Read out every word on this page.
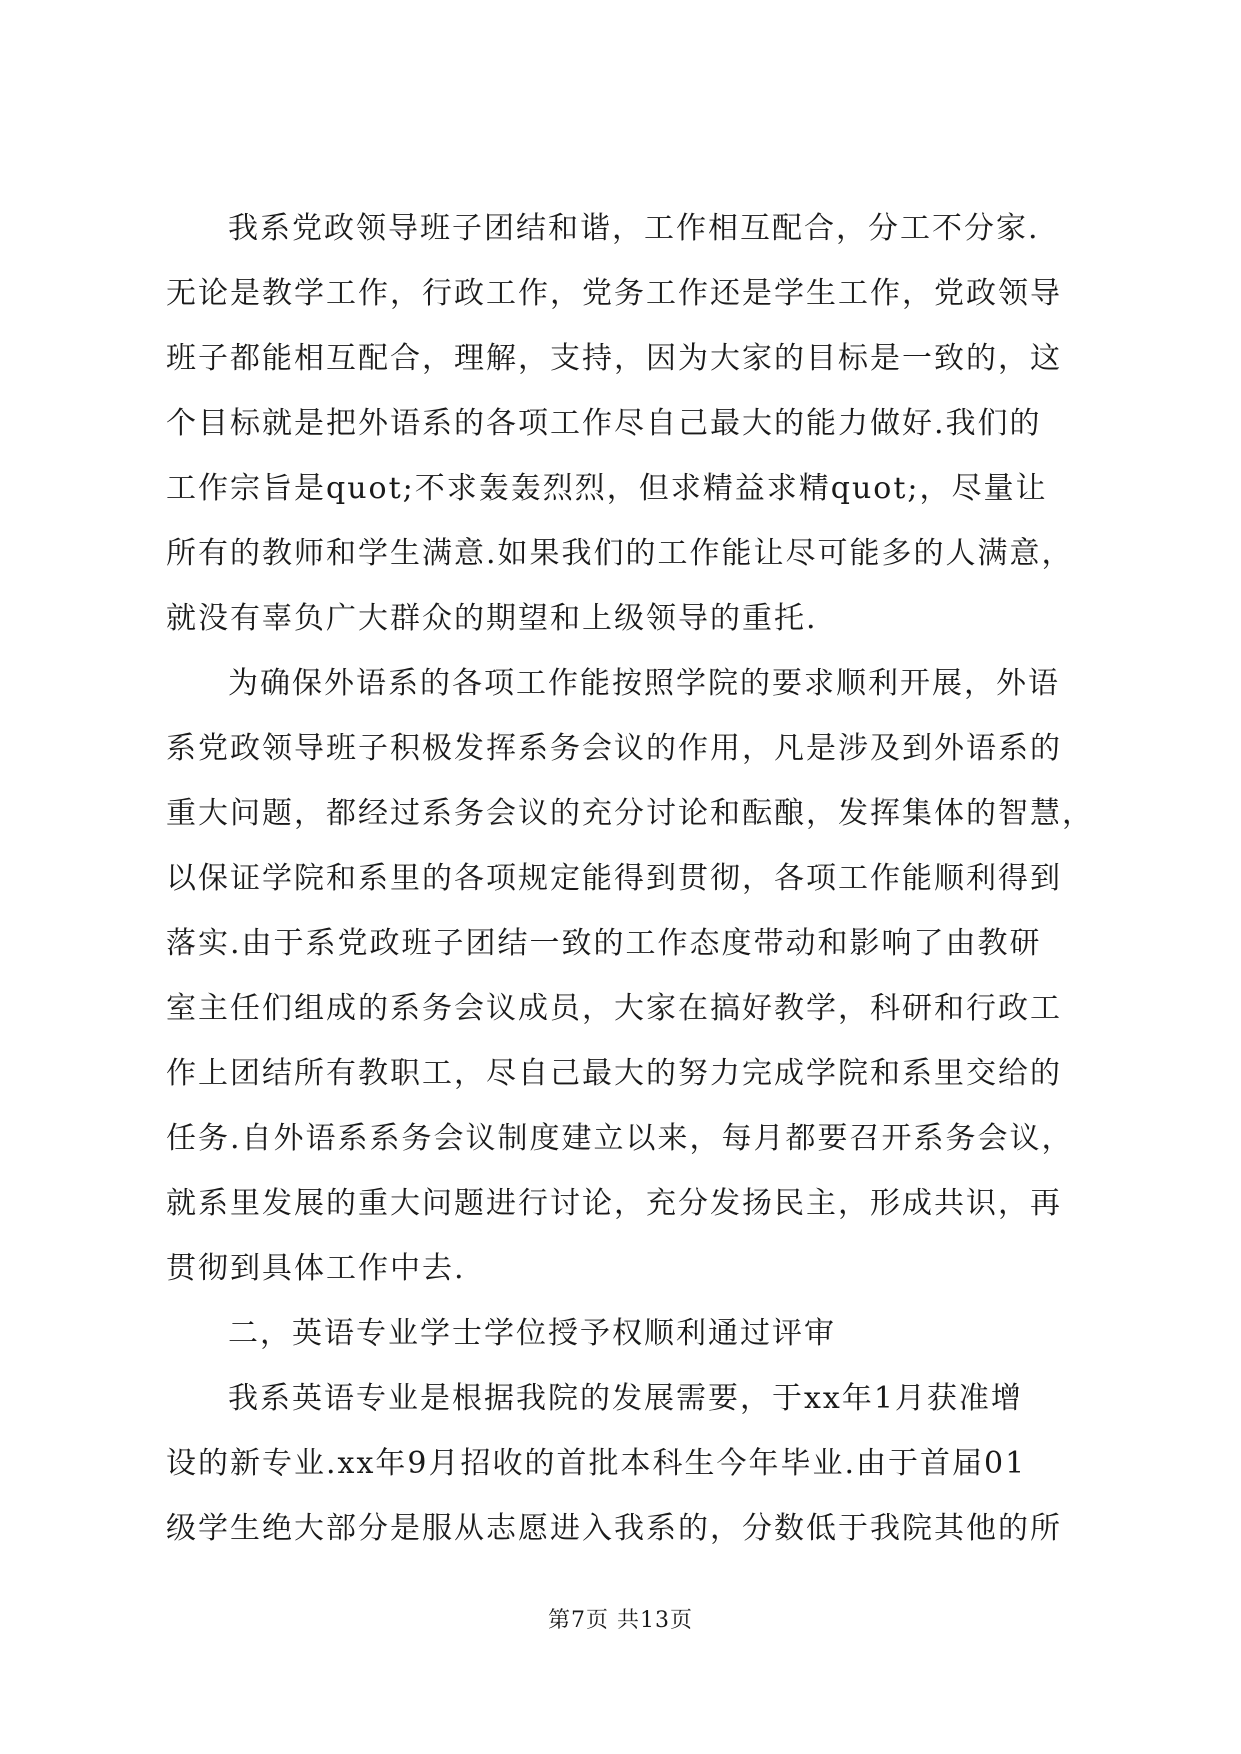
我系党政领导班子团结和谐，工作相互配合，分工不分家.
无论是教学工作，行政工作，党务工作还是学生工作，党政领导
班子都能相互配合，理解，支持，因为大家的目标是一致的，这
个目标就是把外语系的各项工作尽自己最大的能力做好.我们的
工作宗旨是quot;不求轰轰烈烈，但求精益求精quot;，尽量让
所有的教师和学生满意.如果我们的工作能让尽可能多的人满意，
就没有辜负广大群众的期望和上级领导的重托.
为确保外语系的各项工作能按照学院的要求顺利开展，外语
系党政领导班子积极发挥系务会议的作用，凡是涉及到外语系的
重大问题，都经过系务会议的充分讨论和酝酿，发挥集体的智慧，
以保证学院和系里的各项规定能得到贯彻，各项工作能顺利得到
落实.由于系党政班子团结一致的工作态度带动和影响了由教研
室主任们组成的系务会议成员，大家在搞好教学，科研和行政工
作上团结所有教职工，尽自己最大的努力完成学院和系里交给的
任务.自外语系系务会议制度建立以来，每月都要召开系务会议，
就系里发展的重大问题进行讨论，充分发扬民主，形成共识，再
贯彻到具体工作中去.
二，英语专业学士学位授予权顺利通过评审
我系英语专业是根据我院的发展需要，于xx年1月获准增
设的新专业.xx年9月招收的首批本科生今年毕业.由于首届01
级学生绝大部分是服从志愿进入我系的，分数低于我院其他的所
第7页 共13页
